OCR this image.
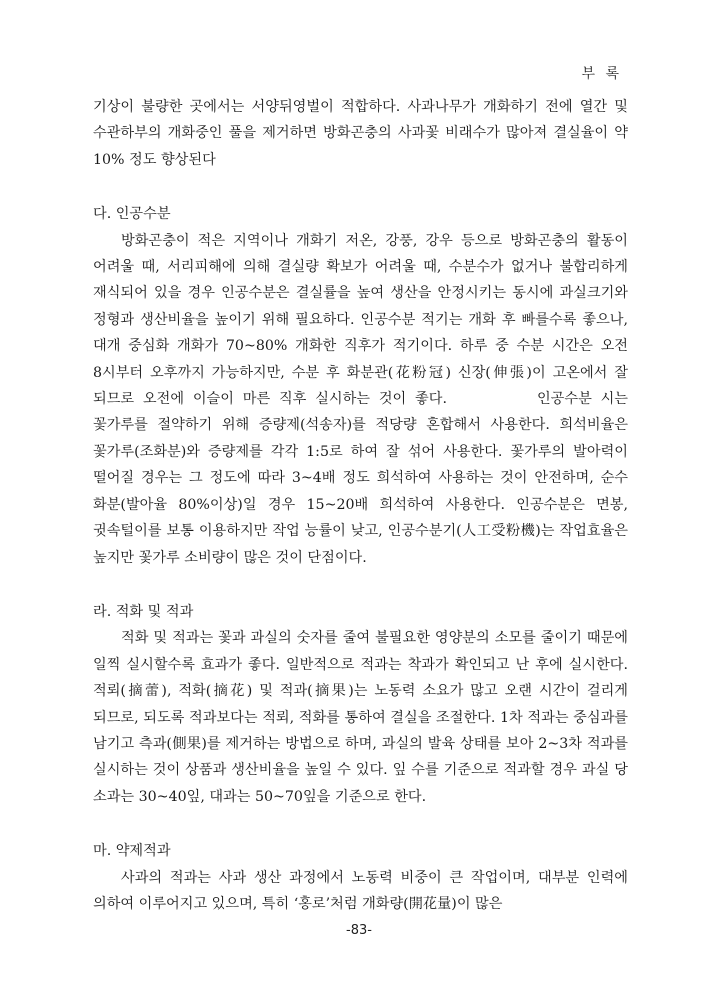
부 록

기상이 불량한 곳에서는 서양뒤영벌이 적합하다. 사과나무가 개화하기 전에 열간 및 수관하부의 개화중인 풀을 제거하면 방화곤충의 사과꽃 비래수가 많아져 결실율이 약 10% 정도 향상된다

다. 인공수분

방화곤충이 적은 지역이나 개화기 저온, 강풍, 강우 등으로 방화곤충의 활동이 어려울 때, 서리피해에 의해 결실량 확보가 어려울 때, 수분수가 없거나 불합리하게 재식되어 있을 경우 인공수분은 결실률을 높여 생산을 안정시키는 동시에 과실크기와 정형과 생산비율을 높이기 위해 필요하다. 인공수분 적기는 개화 후 빠를수록 좋으나, 대개 중심화 개화가 70~80% 개화한 직후가 적기이다. 하루 중 수분 시간은 오전 8시부터 오후까지 가능하지만, 수분 후 화분관(花粉冠) 신장(伸張)이 고온에서 잘 되므로 오전에 이슬이 마른 직후 실시하는 것이 좋다.	인공수분 시는 꽃가루를 절약하기 위해 증량제(석송자)를 적당량 혼합해서 사용한다. 희석비율은 꽃가루(조화분)와 증량제를 각각 1:5로 하여 잘 섞어 사용한다. 꽃가루의 발아력이 떨어질 경우는 그 정도에 따라 3~4배 정도 희석하여 사용하는 것이 안전하며, 순수 화분(발아율 80%이상)일 경우 15~20배 희석하여 사용한다. 인공수분은 면봉, 귓속털이를 보통 이용하지만 작업 능률이 낮고, 인공수분기(人工受粉機)는 작업효율은 높지만 꽃가루 소비량이 많은 것이 단점이다.

라. 적화 및 적과

적화 및 적과는 꽃과 과실의 숫자를 줄여 불필요한 영양분의 소모를 줄이기 때문에 일찍 실시할수록 효과가 좋다. 일반적으로 적과는 착과가 확인되고 난 후에 실시한다. 적뢰(摘蕾), 적화(摘花) 및 적과(摘果)는 노동력 소요가 많고 오랜 시간이 걸리게 되므로, 되도록 적과보다는 적뢰, 적화를 통하여 결실을 조절한다. 1차 적과는 중심과를 남기고 측과(側果)를 제거하는 방법으로 하며, 과실의 발육 상태를 보아 2~3차 적과를 실시하는 것이 상품과 생산비율을 높일 수 있다. 잎 수를 기준으로 적과할 경우 과실 당 소과는 30~40잎, 대과는 50~70잎을 기준으로 한다.

마. 약제적과

사과의 적과는 사과 생산 과정에서 노동력 비중이 큰 작업이며, 대부분 인력에 의하여 이루어지고 있으며, 특히 ‘홍로’처럼 개화량(開花量)이 많은

-83-
